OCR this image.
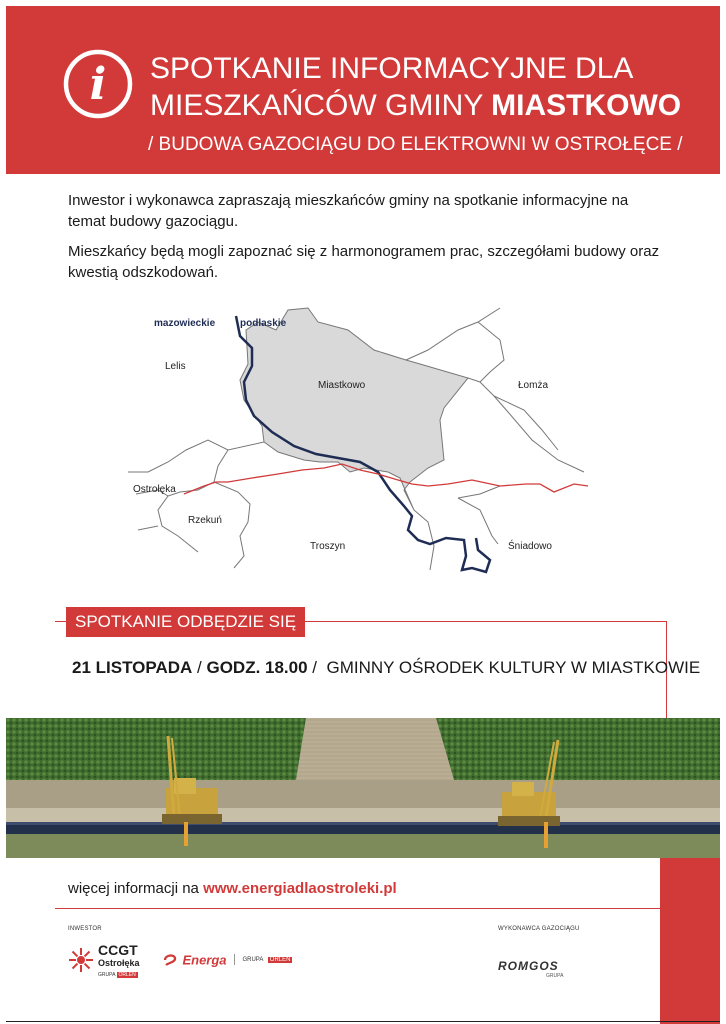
i SPOTKANIE INFORMACYJNE DLA
MIESZKAŃCÓW GMINY MIASTKOWO
/ BUDOWA GAZOCIĄGU DO ELEKTROWNI W OSTROŁĘCE /

Inwestor i wykonawca zapraszają mieszkańców gminy na spotkanie informacyjne na temat budowy gazociągu.

Mieszkańcy będą mogli zapoznać się z harmonogramem prac, szczegółami budowy oraz kwestią odszkodowań.

mazowieckie podlaskie
Lelis
Miastkowo	Łomża
Ostrołęka
Rzekuń
Troszyn	Śniadowo
SPOTKANIE ODBĘDZIE SIĘ
21 LISTOPADA / GODZ. 18.00 /  GMINNY OŚRODEK KULTURY W MIASTKOWIE
więcej informacji na www.energiadlaostroleki.pl
INWESTOR	WYKONAWCA GAZOCIĄGU
CCGT
Ostrołęka
GRUPA ORLEN
Energa	GRUPA ORLEN	ROMGOS
GRUPA
